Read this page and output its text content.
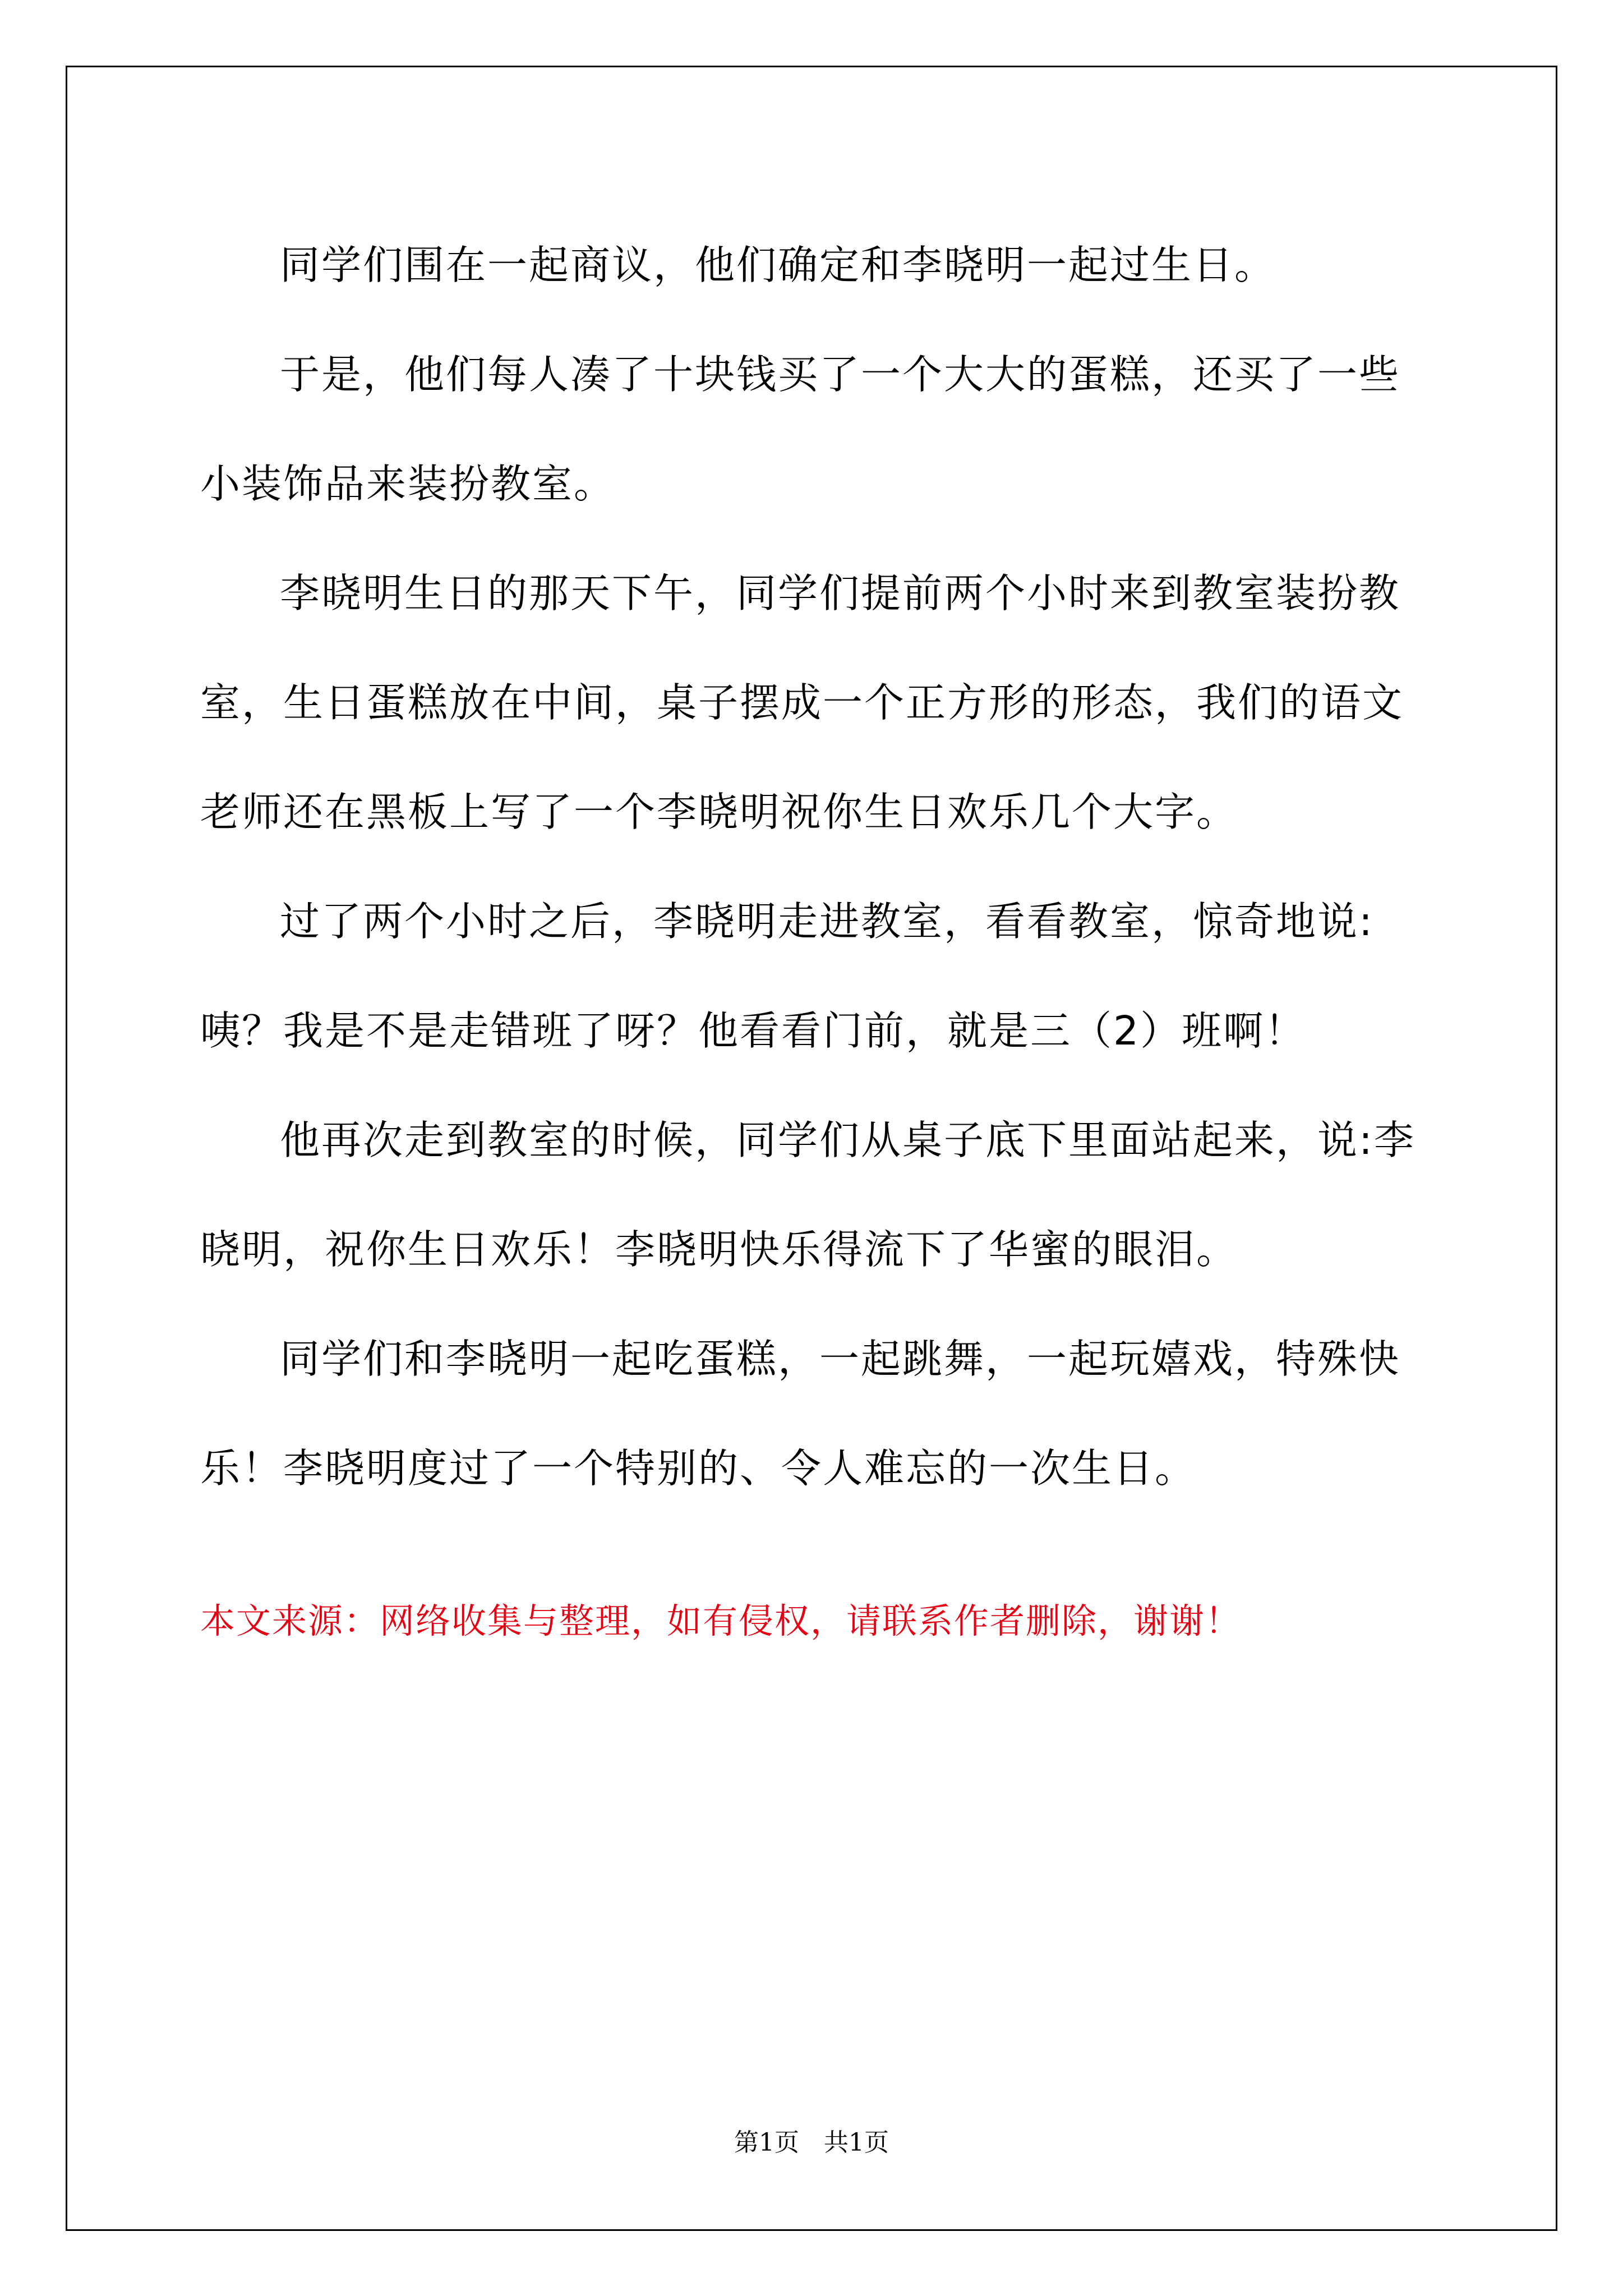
同学们围在一起商议，他们确定和李晓明一起过生日。

于是，他们每人凑了十块钱买了一个大大的蛋糕，还买了一些小装饰品来装扮教室。

李晓明生日的那天下午，同学们提前两个小时来到教室装扮教室，生日蛋糕放在中间，桌子摆成一个正方形的形态，我们的语文老师还在黑板上写了一个李晓明祝你生日欢乐几个大字。

过了两个小时之后，李晓明走进教室，看看教室，惊奇地说:咦？我是不是走错班了呀？他看看门前，就是三（2）班啊！

他再次走到教室的时候，同学们从桌子底下里面站起来，说:李晓明，祝你生日欢乐！李晓明快乐得流下了华蜜的眼泪。

同学们和李晓明一起吃蛋糕，一起跳舞，一起玩嬉戏，特殊快乐！李晓明度过了一个特别的、令人难忘的一次生日。

本文来源：网络收集与整理，如有侵权，请联系作者删除，谢谢！

第1页　共1页
